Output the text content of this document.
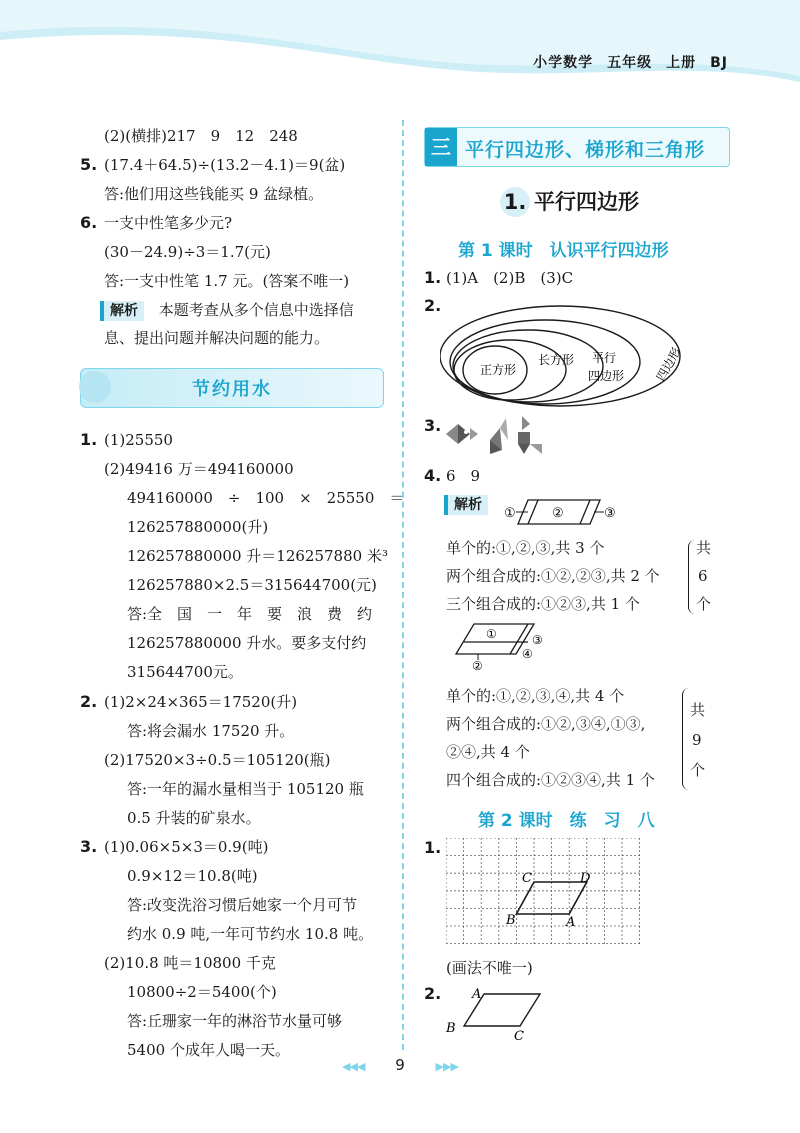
小学数学 五年级 上册 BJ
(2)(横排)217　9　12　248
5. (17.4＋64.5)÷(13.2－4.1)＝9(盆)
答:他们用这些钱能买 9 盆绿植。
6. 一支中性笔多少元?
(30－24.9)÷3＝1.7(元)
答:一支中性笔 1.7 元。(答案不唯一)
解析 本题考查从多个信息中选择信
息、提出问题并解决问题的能力。
节约用水
1. (1)25550
(2)49416 万＝494160000
494160000　÷　100　×　25550　＝
126257880000(升)
126257880000 升＝126257880 米³
126257880×2.5＝315644700(元)
答:全　国　一　年　要　浪　费　约
126257880000 升水。要多支付约
315644700元。
2. (1)2×24×365＝17520(升)
答:将会漏水 17520 升。
(2)17520×3÷0.5＝105120(瓶)
答:一年的漏水量相当于 105120 瓶
0.5 升装的矿泉水。
3. (1)0.06×5×3＝0.9(吨)
0.9×12＝10.8(吨)
答:改变洗浴习惯后她家一个月可节
约水 0.9 吨,一年可节约水 10.8 吨。
(2)10.8 吨＝10800 千克
10800÷2＝5400(个)
答:丘珊家一年的淋浴节水量可够
5400 个成年人喝一天。
三 平行四边形、梯形和三角形
1. 平行四边形
第 1 课时　认识平行四边形
1. (1)A　(2)B　(3)C
2.
正方形
长方形 平行
四边形 四边形
3.
4. 6　9
解析
①	②	③
单个的:①,②,③,共 3 个
两个组合成的:①②,②③,共 2 个
三个组合成的:①②③,共 1 个
共
6
个
①
②
③
④
单个的:①,②,③,④,共 4 个
两个组合成的:①②,③④,①③,
②④,共 4 个
四个组合成的:①②③④,共 1 个
共
9
个
第 2 课时　练　习　八
1.
C	D
B	A
(画法不唯一)
2. A
B
C
◀◀◀ 9	▶▶▶
